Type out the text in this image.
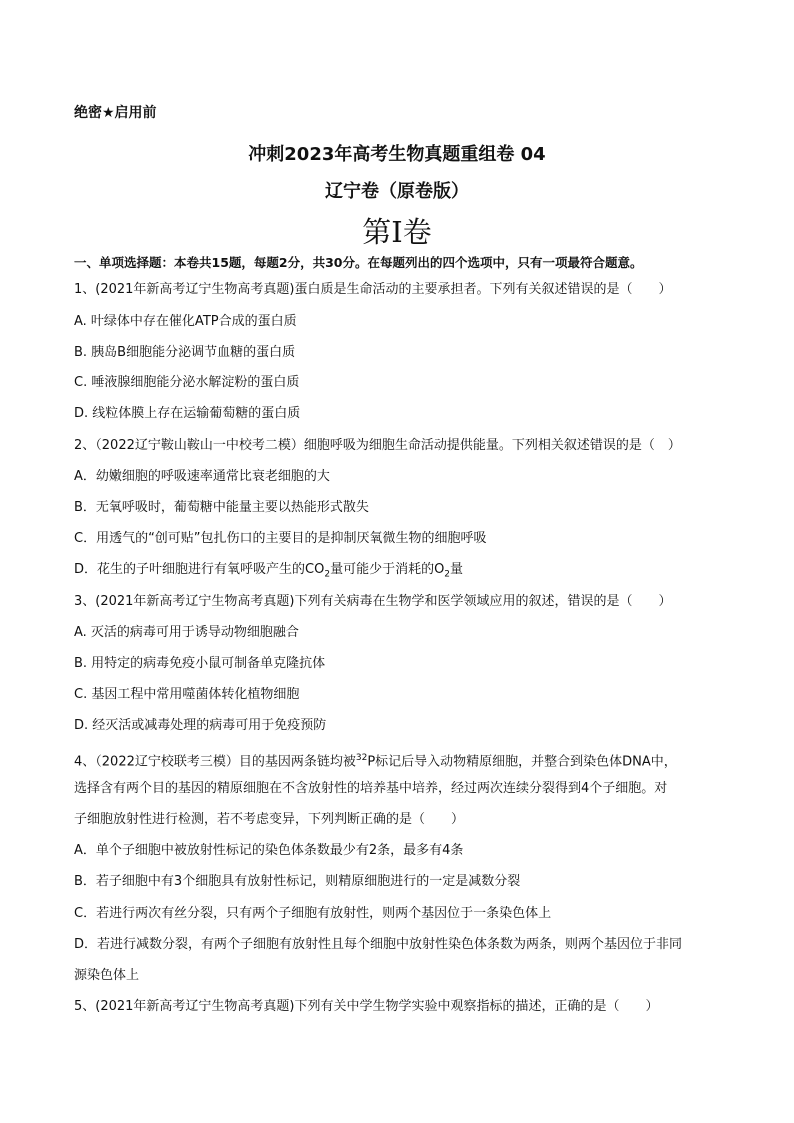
绝密★启用前
冲刺2023年高考生物真题重组卷 04
辽宁卷（原卷版）
第Ⅰ卷
一、单项选择题：本卷共15题，每题2分，共30分。在每题列出的四个选项中，只有一项最符合题意。
1、(2021年新高考辽宁生物高考真题)蛋白质是生命活动的主要承担者。下列有关叙述错误的是（　　）
A. 叶绿体中存在催化ATP合成的蛋白质
B. 胰岛B细胞能分泌调节血糖的蛋白质
C. 唾液腺细胞能分泌水解淀粉的蛋白质
D. 线粒体膜上存在运输葡萄糖的蛋白质
2、（2022辽宁鞍山鞍山一中校考二模）细胞呼吸为细胞生命活动提供能量。下列相关叙述错误的是（　）
A．幼嫩细胞的呼吸速率通常比衰老细胞的大
B．无氧呼吸时，葡萄糖中能量主要以热能形式散失
C．用透气的“创可贴”包扎伤口的主要目的是抑制厌氧微生物的细胞呼吸
D．花生的子叶细胞进行有氧呼吸产生的$CO_2$量可能少于消耗的$O_2$量
3、(2021年新高考辽宁生物高考真题)下列有关病毒在生物学和医学领域应用的叙述，错误的是（　　）
A. 灭活的病毒可用于诱导动物细胞融合
B. 用特定的病毒免疫小鼠可制备单克隆抗体
C. 基因工程中常用噬菌体转化植物细胞
D. 经灭活或减毒处理的病毒可用于免疫预防
4、（2022辽宁校联考三模）目的基因两条链均被$^{32}$P标记后导入动物精原细胞，并整合到染色体DNA中，
选择含有两个目的基因的精原细胞在不含放射性的培养基中培养，经过两次连续分裂得到4个子细胞。对
子细胞放射性进行检测，若不考虑变异，下列判断正确的是（　　）
A．单个子细胞中被放射性标记的染色体条数最少有2条，最多有4条
B．若子细胞中有3个细胞具有放射性标记，则精原细胞进行的一定是减数分裂
C．若进行两次有丝分裂，只有两个子细胞有放射性，则两个基因位于一条染色体上
D．若进行减数分裂，有两个子细胞有放射性且每个细胞中放射性染色体条数为两条，则两个基因位于非同
源染色体上
5、(2021年新高考辽宁生物高考真题)下列有关中学生物学实验中观察指标的描述，正确的是（　　）
